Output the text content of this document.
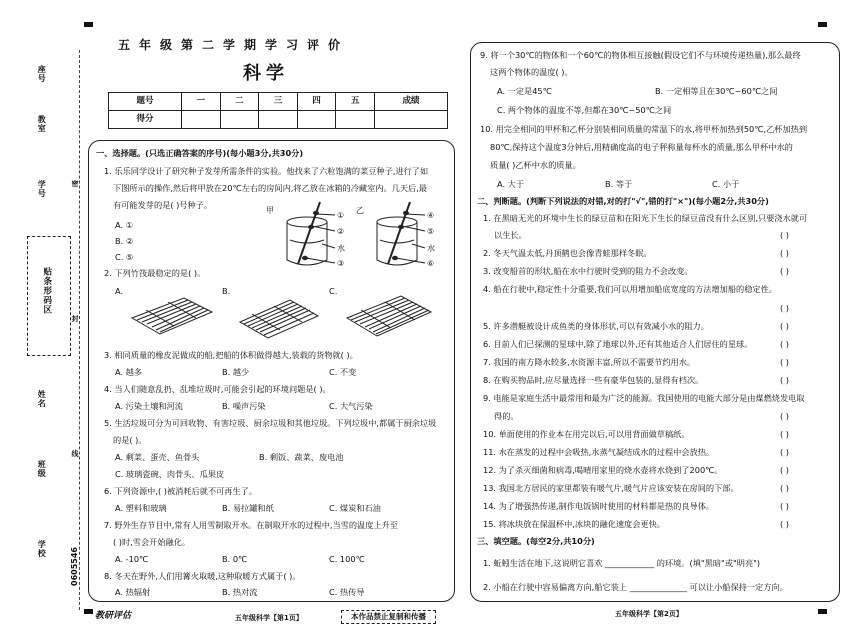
座号
教室
学号
贴条形码区
姓名
班级
学校
密
封
线
0605546
五年级第二学期学习评价
科学
题号	一	二	三	四	五	成绩
得分						
一、选择题。(只选正确答案的序号)(每小题3分,共30分)
1. 乐乐同学设计了研究种子发芽所需条件的实验。他找来了六粒饱满的菜豆种子,进行了如
下图所示的操作,然后将甲放在20℃左右的房间内,将乙放在冰箱的冷藏室内。几天后,最
有可能发芽的是( )号种子。
A. ①
B. ②
C. ⑤
甲	乙
①
②
③
④
⑤
⑥
水	水
2. 下列竹筏最稳定的是( )。
A.	B.	C.
3. 相同质量的橡皮泥做成的船,把船的体积做得越大,装载的货物就( )。
A. 越多	B. 越少	C. 不变
4. 当人们随意乱扔、乱堆垃圾时,可能会引起的环境问题是( )。
A. 污染土壤和河流	B. 噪声污染	C. 大气污染
5. 生活垃圾可分为可回收物、有害垃圾、厨余垃圾和其他垃圾。下列垃圾中,都属于厨余垃圾
的是( )。
A. 剩菜、蛋壳、鱼骨头	B. 剩饭、蔬菜、废电池
C. 玻璃瓷碗、肉骨头、瓜果皮
6. 下列资源中,( )被消耗后就不可再生了。
A. 塑料和玻璃	B. 易拉罐和纸	C. 煤炭和石油
7. 野外生存节目中,常有人用雪制取开水。在制取开水的过程中,当雪的温度上升至
( )时,雪会开始融化。
A. -10℃	B. 0℃	C. 100℃
8. 冬天在野外,人们用篝火取暖,这种取暖方式属于( )。
A. 热辐射	B. 热对流	C. 热传导
教研评估	五年级科学【第1页】	本作品禁止复制和传播
9. 将一个30℃的物体和一个60℃的物体相互接触(假设它们不与环境传递热量),那么最终
这两个物体的温度( )。
A. 一定是45℃	B. 一定相等且在30℃~60℃之间
C. 两个物体的温度不等,但都在30℃~50℃之间
10. 用完全相同的甲杯和乙杯分别装相同质量的常温下的水,将甲杯加热到50℃,乙杯加热到
80℃,保持这个温度3分钟后,用精确度高的电子秤称量每杯水的质量,那么甲杯中水的
质量( )乙杯中水的质量。
A. 大于	B. 等于	C. 小于
二、判断题。(判断下列说法的对错,对的打"√",错的打"×")(每小题2分,共30分)
1. 在黑暗无光的环境中生长的绿豆苗和在阳光下生长的绿豆苗没有什么区别,只要浇水就可
以生长。	( )
2. 冬天气温太低,丹顶鹤也会像青蛙那样冬眠。	( )
3. 改变船首的形状,船在水中行驶时受到的阻力不会改变。	( )
4. 船在行驶中,稳定性十分重要,我们可以用增加船底宽度的方法增加船的稳定性。
( )
5. 许多潜艇被设计成鱼类的身体形状,可以有效减小水的阻力。	( )
6. 目前人们已探测的星球中,除了地球以外,还有其他适合人们居住的星球。	( )
7. 我国的南方降水较多,水资源丰富,所以不需要节约用水。	( )
8. 在购买物品时,应尽量选择一些有豪华包装的,显得有档次。	( )
9. 电能是家庭生活中最常用和最为广泛的能源。我国使用的电能大部分是由煤燃烧发电取
得的。	( )
10. 单面使用的作业本在用完以后,可以用背面做草稿纸。	( )
11. 水在蒸发的过程中会吸热,水蒸气凝结成水的过程中会放热。	( )
12. 为了杀灭细菌和病毒,喝晴用家里的烧水壶将水烧到了200℃。	( )
13. 我国北方居民的家里都装有暖气片,暖气片应该安装在房间的下部。	( )
14. 为了增强热传递,制作电饭锅时使用的材料都是热的良导体。	( )
15. 将冰块放在保温杯中,冰块的融化速度会更快。	( )
三、填空题。(每空2分,共10分)
1. 蚯蚓生活在地下,这说明它喜欢 ____________ 的环境。(填"黑暗"或"明亮")
2. 小船在行驶中容易偏离方向,船它装上 ______________ 可以让小船保持一定方向。
五年级科学【第2页】
